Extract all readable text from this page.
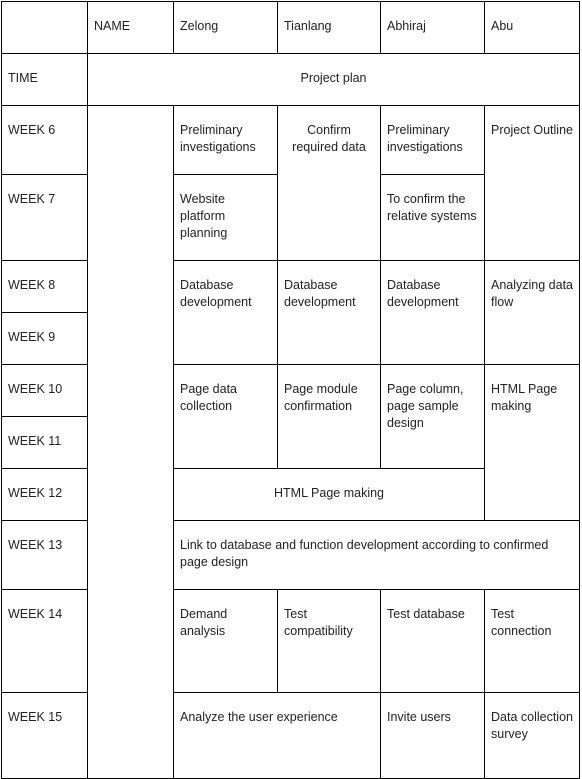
	NAME	Zelong	Tianlang	Abhiraj	Abu
TIME	Project plan				
WEEK 6		Preliminary investigations	Confirm required data	Preliminary investigations	Project Outline
WEEK 7		Website platform planning		To confirm the relative systems	
WEEK 8		Database development	Database development	Database development	Analyzing data flow
WEEK 9					
WEEK 10		Page data collection	Page module confirmation	Page column, page sample design	HTML Page making
WEEK 11					
WEEK 12		HTML Page making			
WEEK 13		Link to database and function development according to confirmed page design			
WEEK 14		Demand analysis	Test compatibility	Test database	Test connection
WEEK 15		Analyze the user experience		Invite users	Data collection survey
